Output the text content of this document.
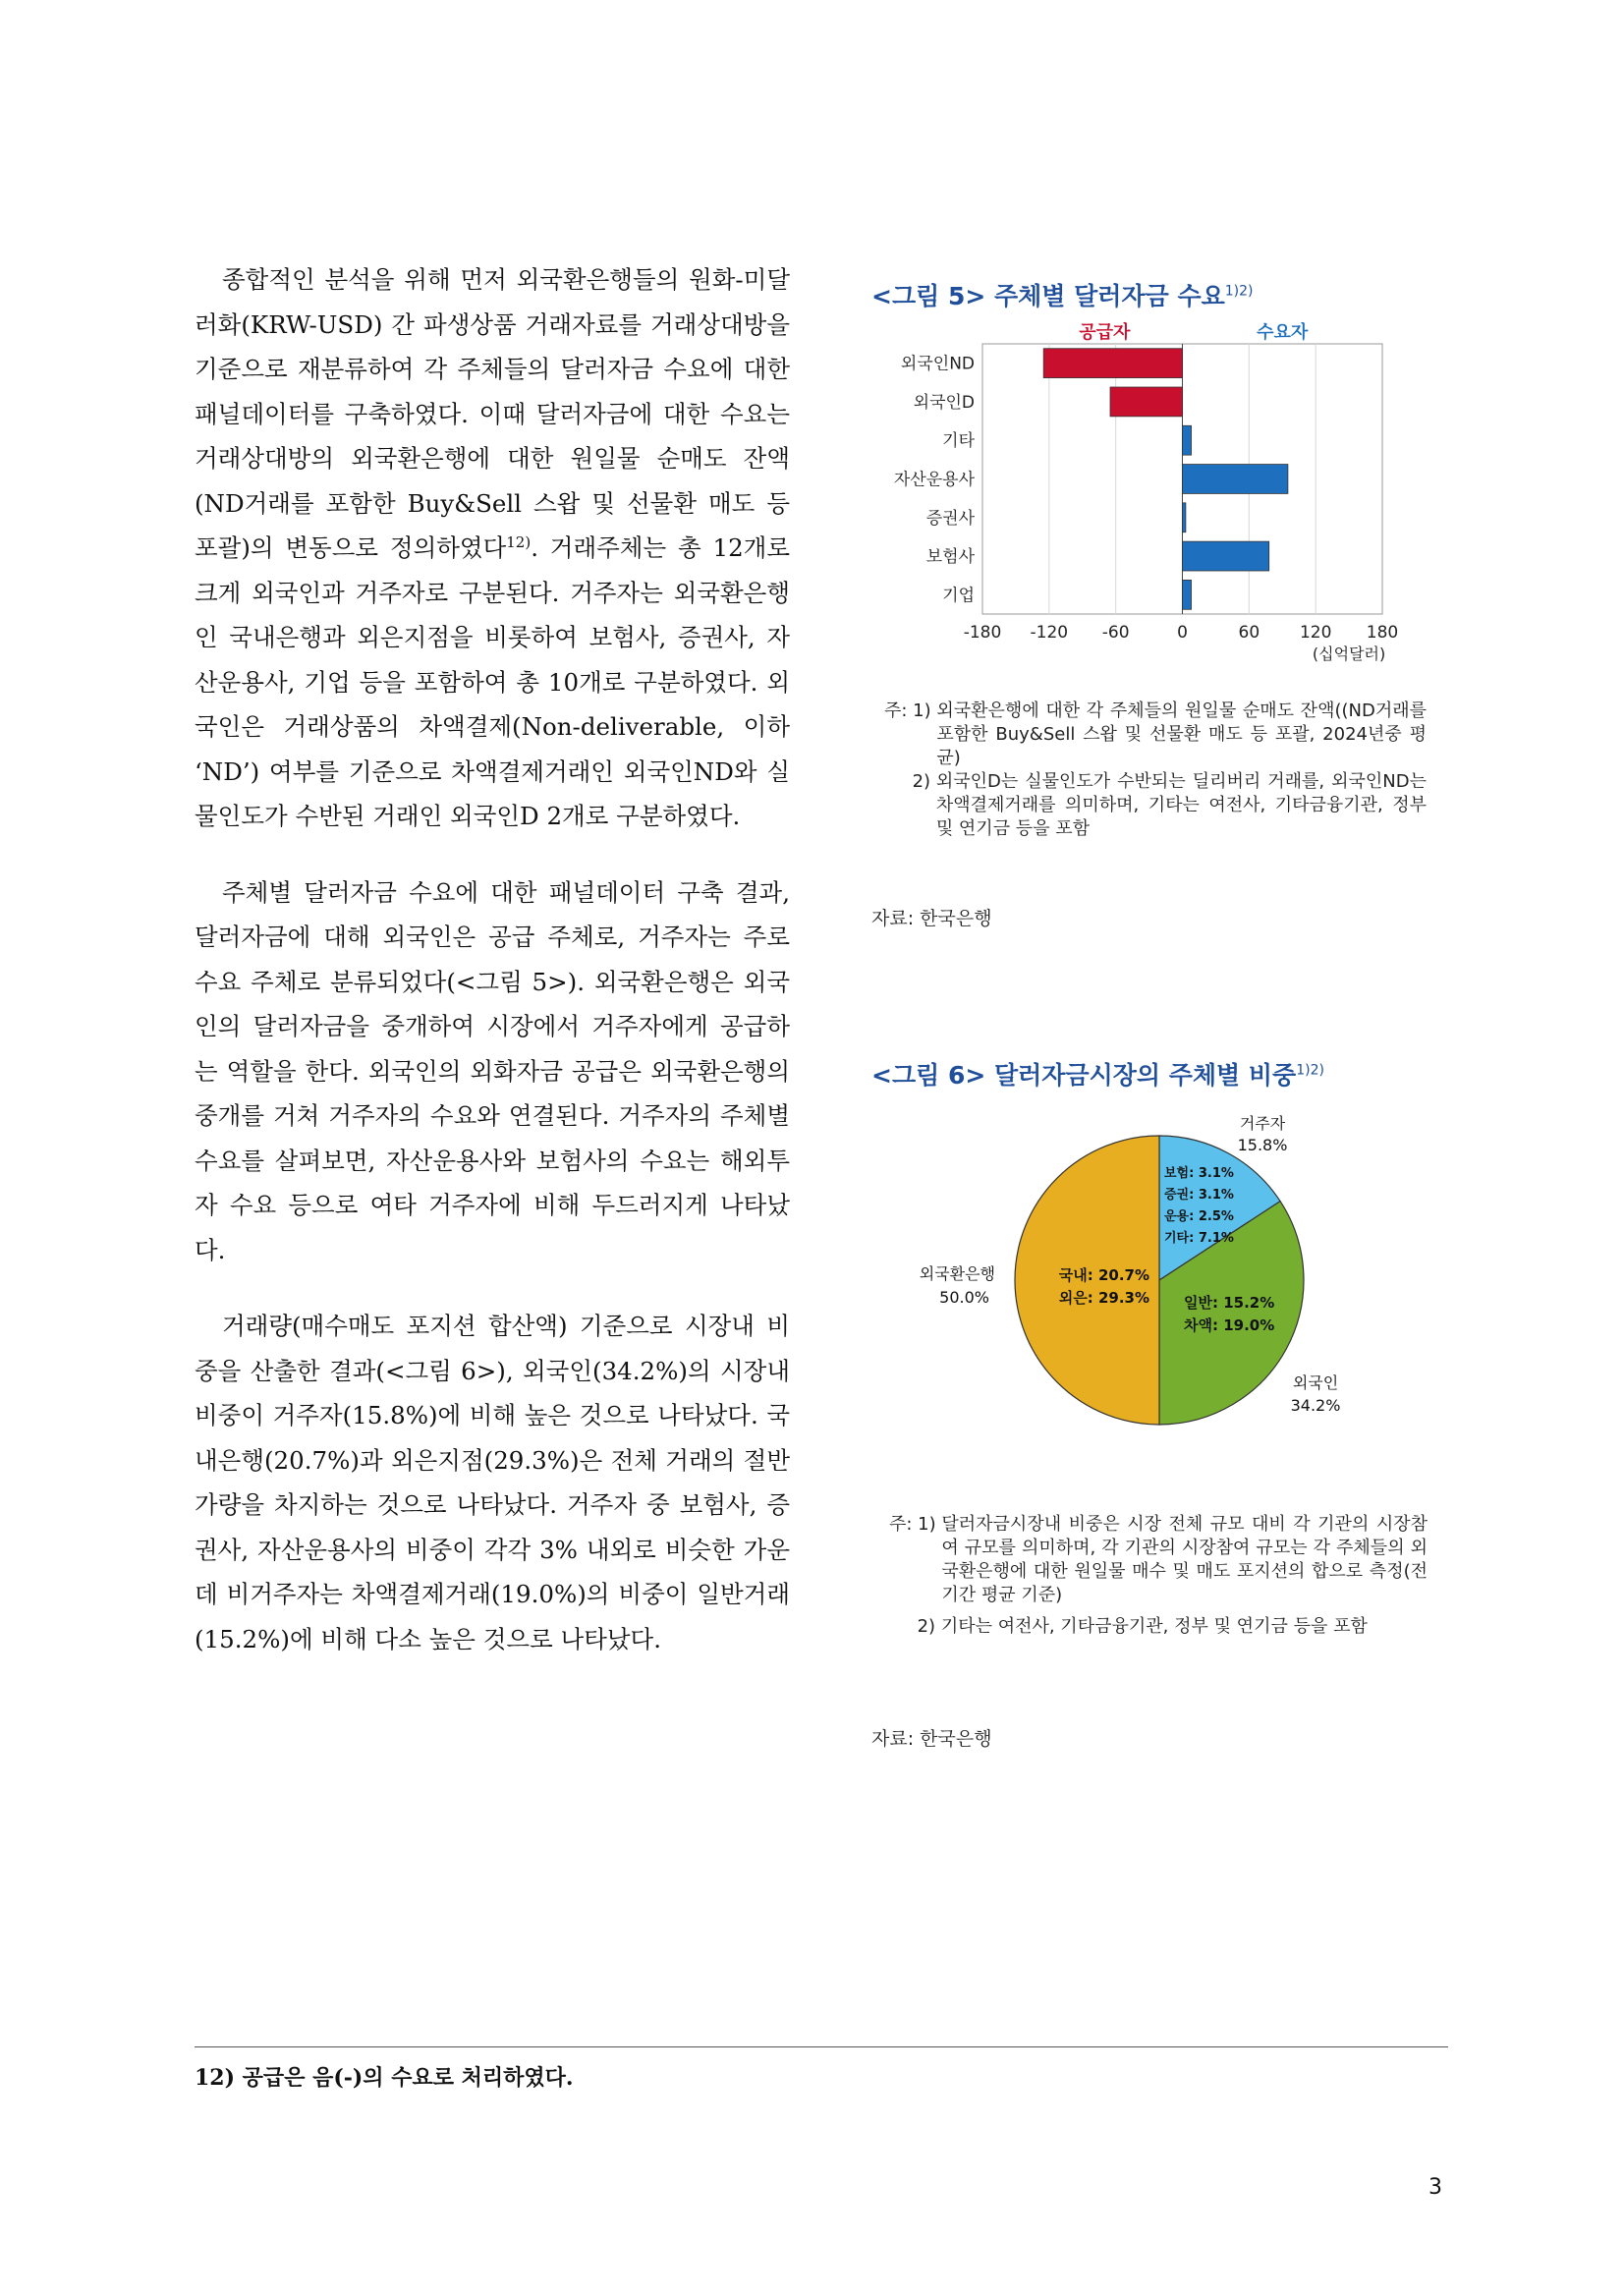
종합적인 분석을 위해 먼저 외국환은행들의 원화-미달러화(KRW-USD) 간 파생상품 거래자료를 거래상대방을 기준으로 재분류하여 각 주체들의 달러자금 수요에 대한 패널데이터를 구축하였다. 이때 달러자금에 대한 수요는 거래상대방의 외국환은행에 대한 원일물 순매도 잔액(ND거래를 포함한 Buy&Sell 스왑 및 선물환 매도 등 포괄)의 변동으로 정의하였다$^{12)}$. 거래주체는 총 12개로 크게 외국인과 거주자로 구분된다. 거주자는 외국환은행인 국내은행과 외은지점을 비롯하여 보험사, 증권사, 자산운용사, 기업 등을 포함하여 총 10개로 구분하였다. 외국인은 거래상품의 차액결제(Non-deliverable, 이하 ‘ND’) 여부를 기준으로 차액결제거래인 외국인ND와 실물인도가 수반된 거래인 외국인D 2개로 구분하였다.

주체별 달러자금 수요에 대한 패널데이터 구축 결과, 달러자금에 대해 외국인은 공급 주체로, 거주자는 주로 수요 주체로 분류되었다(<그림 5>). 외국환은행은 외국인의 달러자금을 중개하여 시장에서 거주자에게 공급하는 역할을 한다. 외국인의 외화자금 공급은 외국환은행의 중개를 거쳐 거주자의 수요와 연결된다. 거주자의 주체별 수요를 살펴보면, 자산운용사와 보험사의 수요는 해외투자 수요 등으로 여타 거주자에 비해 두드러지게 나타났다.

거래량(매수매도 포지션 합산액) 기준으로 시장내 비중을 산출한 결과(<그림 6>), 외국인(34.2%)의 시장내 비중이 거주자(15.8%)에 비해 높은 것으로 나타났다. 국내은행(20.7%)과 외은지점(29.3%)은 전체 거래의 절반가량을 차지하는 것으로 나타났다. 거주자 중 보험사, 증권사, 자산운용사의 비중이 각각 3% 내외로 비슷한 가운데 비거주자는 차액결제거래(19.0%)의 비중이 일반거래(15.2%)에 비해 다소 높은 것으로 나타났다.

<그림 5> 주체별 달러자금 수요$^{1)2)}$
-180 -120 -60	0	60 120 180
공급자	수요자
외국인ND
외국인D
기타
자산운용사
증권사
보험사
기업
(십억달러)
주: 1) 외국환은행에 대한 각 주체들의 원일물 순매도 잔액((ND거래를 포함한 Buy&Sell 스왑 및 선물환 매도 등 포괄, 2024년중 평균)
2) 외국인D는 실물인도가 수반되는 딜리버리 거래를, 외국인ND는 차액결제거래를 의미하며, 기타는 여전사, 기타금융기관, 정부 및 연기금 등을 포함
자료: 한국은행
<그림 6> 달러자금시장의 주체별 비중$^{1)2)}$
거주자
15.8%
외국환은행
50.0%
외국인
34.2%
보험: 3.1%
증권: 3.1%
운용: 2.5%
기타: 7.1%
국내: 20.7%
외은: 29.3% 일반: 15.2%
차액: 19.0%
주: 1) 달러자금시장내 비중은 시장 전체 규모 대비 각 기관의 시장참여 규모를 의미하며, 각 기관의 시장참여 규모는 각 주체들의 외국환은행에 대한 원일물 매수 및 매도 포지션의 합으로 측정(전기간 평균 기준)
2) 기타는 여전사, 기타금융기관, 정부 및 연기금 등을 포함
자료: 한국은행
12) 공급은 음(-)의 수요로 처리하였다.
3
